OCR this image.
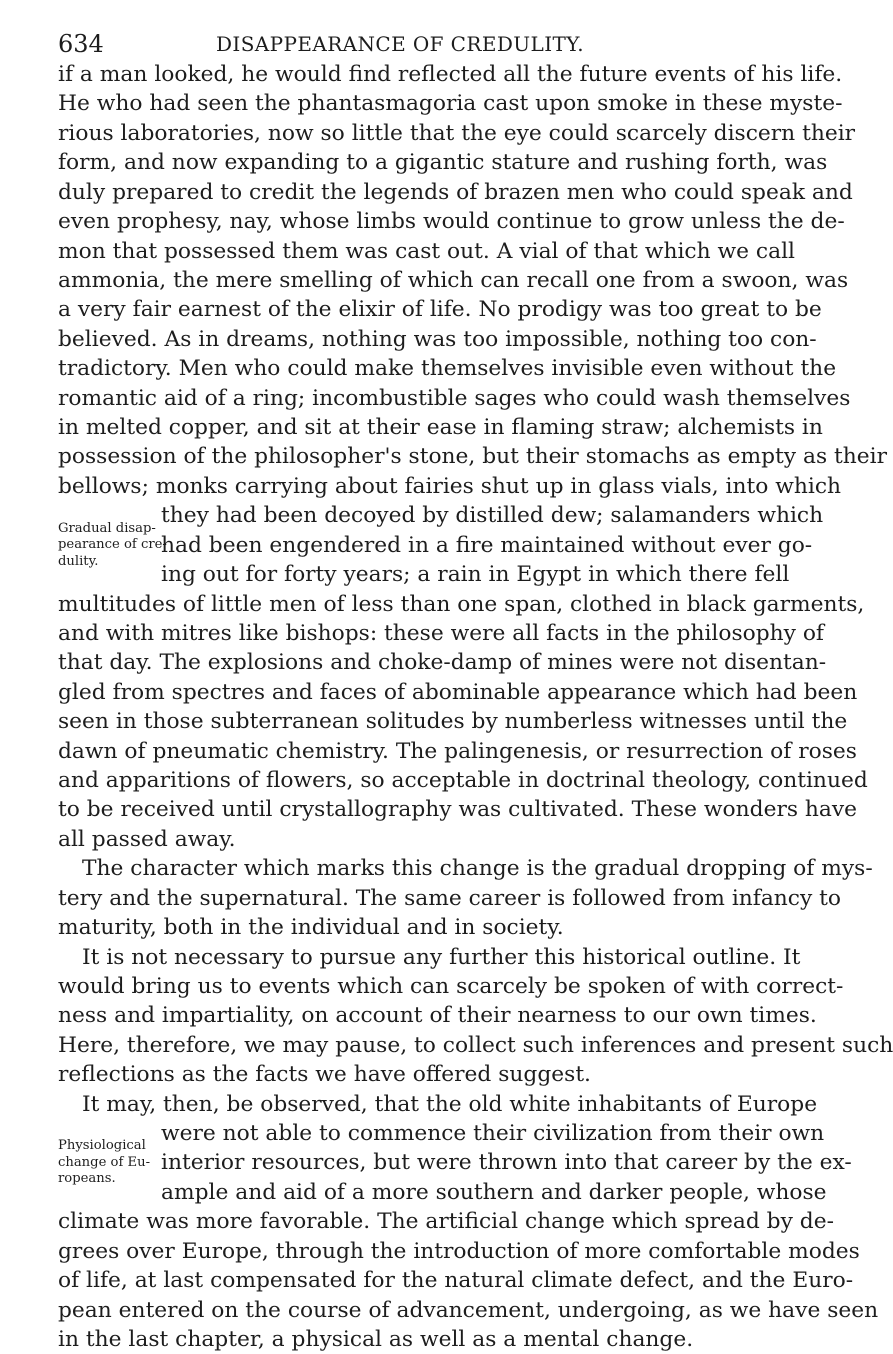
634	DISAPPEARANCE OF CREDULITY.
if a man looked, he would find reflected all the future events of his life.
He who had seen the phantasmagoria cast upon smoke in these myste-
rious laboratories, now so little that the eye could scarcely discern their
form, and now expanding to a gigantic stature and rushing forth, was
duly prepared to credit the legends of brazen men who could speak and
even prophesy, nay, whose limbs would continue to grow unless the de-
mon that possessed them was cast out. A vial of that which we call
ammonia, the mere smelling of which can recall one from a swoon, was
a very fair earnest of the elixir of life. No prodigy was too great to be
believed. As in dreams, nothing was too impossible, nothing too con-
tradictory. Men who could make themselves invisible even without the
romantic aid of a ring; incombustible sages who could wash themselves
in melted copper, and sit at their ease in flaming straw; alchemists in
possession of the philosopher's stone, but their stomachs as empty as their
bellows; monks carrying about fairies shut up in glass vials, into which
Gradual disap-
pearance of cre-
dulity.
they had been decoyed by distilled dew; salamanders which
had been engendered in a fire maintained without ever go-
ing out for forty years; a rain in Egypt in which there fell
multitudes of little men of less than one span, clothed in black garments,
and with mitres like bishops: these were all facts in the philosophy of
that day. The explosions and choke-damp of mines were not disentan-
gled from spectres and faces of abominable appearance which had been
seen in those subterranean solitudes by numberless witnesses until the
dawn of pneumatic chemistry. The palingenesis, or resurrection of roses
and apparitions of flowers, so acceptable in doctrinal theology, continued
to be received until crystallography was cultivated. These wonders have
all passed away.
The character which marks this change is the gradual dropping of mys-
tery and the supernatural. The same career is followed from infancy to
maturity, both in the individual and in society.
It is not necessary to pursue any further this historical outline. It
would bring us to events which can scarcely be spoken of with correct-
ness and impartiality, on account of their nearness to our own times.
Here, therefore, we may pause, to collect such inferences and present such
reflections as the facts we have offered suggest.
It may, then, be observed, that the old white inhabitants of Europe
Physiological
change of Eu-
ropeans.
were not able to commence their civilization from their own
interior resources, but were thrown into that career by the ex-
ample and aid of a more southern and darker people, whose
climate was more favorable. The artificial change which spread by de-
grees over Europe, through the introduction of more comfortable modes
of life, at last compensated for the natural climate defect, and the Euro-
pean entered on the course of advancement, undergoing, as we have seen
in the last chapter, a physical as well as a mental change.
